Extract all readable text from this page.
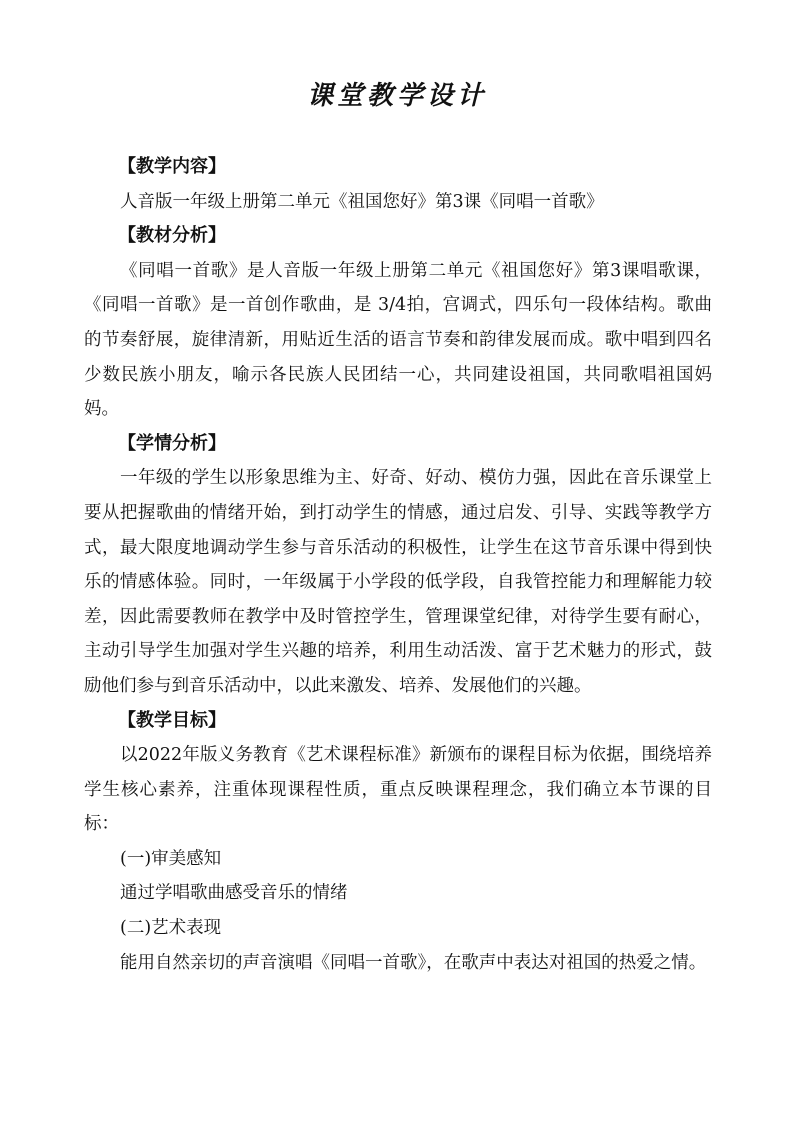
课堂教学设计
【教学内容】
人音版一年级上册第二单元《祖国您好》第3课《同唱一首歌》
【教材分析】
《同唱一首歌》是人音版一年级上册第二单元《祖国您好》第3课唱歌课，《同唱一首歌》是一首创作歌曲，是 3/4拍，宫调式，四乐句一段体结构。歌曲的节奏舒展，旋律清新，用贴近生活的语言节奏和韵律发展而成。歌中唱到四名少数民族小朋友，喻示各民族人民团结一心，共同建设祖国，共同歌唱祖国妈妈。
【学情分析】
一年级的学生以形象思维为主、好奇、好动、模仿力强，因此在音乐课堂上要从把握歌曲的情绪开始，到打动学生的情感，通过启发、引导、实践等教学方式，最大限度地调动学生参与音乐活动的积极性，让学生在这节音乐课中得到快乐的情感体验。同时，一年级属于小学段的低学段，自我管控能力和理解能力较差，因此需要教师在教学中及时管控学生，管理课堂纪律，对待学生要有耐心，主动引导学生加强对学生兴趣的培养，利用生动活泼、富于艺术魅力的形式，鼓励他们参与到音乐活动中，以此来激发、培养、发展他们的兴趣。
【教学目标】
以2022年版义务教育《艺术课程标准》新颁布的课程目标为依据，围绕培养学生核心素养，注重体现课程性质，重点反映课程理念，我们确立本节课的目标：
(一)审美感知
通过学唱歌曲感受音乐的情绪
(二)艺术表现
能用自然亲切的声音演唱《同唱一首歌》，在歌声中表达对祖国的热爱之情。
